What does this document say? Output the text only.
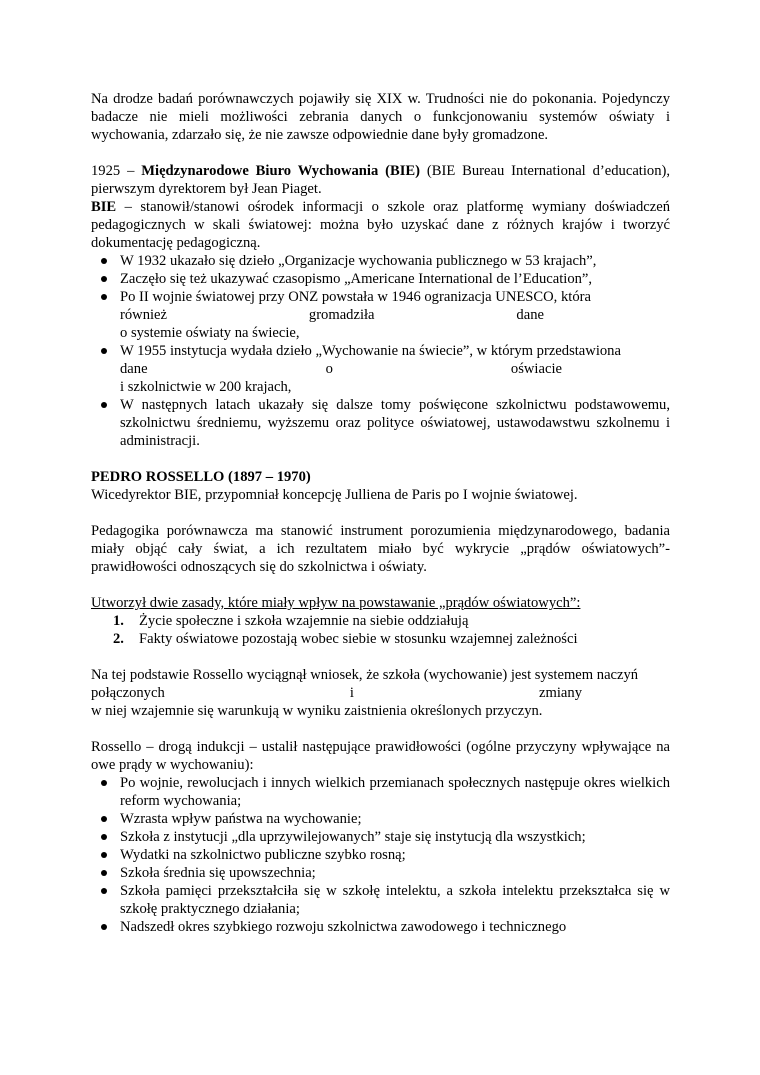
Na drodze badań porównawczych pojawiły się XIX w. Trudności nie do pokonania. Pojedynczy badacze nie mieli możliwości zebrania danych o funkcjonowaniu systemów oświaty i wychowania, zdarzało się, że nie zawsze odpowiednie dane były gromadzone.

1925 – Międzynarodowe Biuro Wychowania (BIE) (BIE Bureau International d’education), pierwszym dyrektorem był Jean Piaget.

BIE – stanowił/stanowi ośrodek informacji o szkole oraz platformę wymiany doświadczeń pedagogicznych w skali światowej: można było uzyskać dane z różnych krajów i tworzyć dokumentację pedagogiczną.

W 1932 ukazało się dzieło „Organizacje wychowania publicznego w 53 krajach”,
Zaczęło się też ukazywać czasopismo „Americane International de l’Education”,
Po II wojnie światowej przy ONZ powstała w 1946 ogranizacja UNESCO, która
również	gromadziła	dane
o systemie oświaty na świecie,
W 1955 instytucja wydała dzieło „Wychowanie na świecie”, w którym przedstawiona
dane	o	oświacie
i szkolnictwie w 200 krajach,
W następnych latach ukazały się dalsze tomy poświęcone szkolnictwu podstawowemu, szkolnictwu średniemu, wyższemu oraz polityce oświatowej, ustawodawstwu szkolnemu i administracji.

PEDRO ROSSELLO (1897 – 1970)

Wicedyrektor BIE, przypomniał koncepcję Julliena de Paris po I wojnie światowej.

Pedagogika porównawcza ma stanowić instrument porozumienia międzynarodowego, badania miały objąć cały świat, a ich rezultatem miało być wykrycie „prądów oświatowych”- prawidłowości odnoszących się do szkolnictwa i oświaty.

Utworzył dwie zasady, które miały wpływ na powstawanie „prądów oświatowych”:

1. Życie społeczne i szkoła wzajemnie na siebie oddziałują
2. Fakty oświatowe pozostają wobec siebie w stosunku wzajemnej zależności
Na tej podstawie Rossello wyciągnął wniosek, że szkoła (wychowanie) jest systemem naczyń
połączonych	i	zmiany
w niej wzajemnie się warunkują w wyniku zaistnienia określonych przyczyn.

Rossello – drogą indukcji – ustalił następujące prawidłowości (ogólne przyczyny wpływające na owe prądy w wychowaniu):

Po wojnie, rewolucjach i innych wielkich przemianach społecznych następuje okres wielkich reform wychowania;
Wzrasta wpływ państwa na wychowanie;
Szkoła z instytucji „dla uprzywilejowanych” staje się instytucją dla wszystkich;
Wydatki na szkolnictwo publiczne szybko rosną;
Szkoła średnia się upowszechnia;
Szkoła pamięci przekształciła się w szkołę intelektu, a szkoła intelektu przekształca się w szkołę praktycznego działania;
Nadszedł okres szybkiego rozwoju szkolnictwa zawodowego i technicznego
